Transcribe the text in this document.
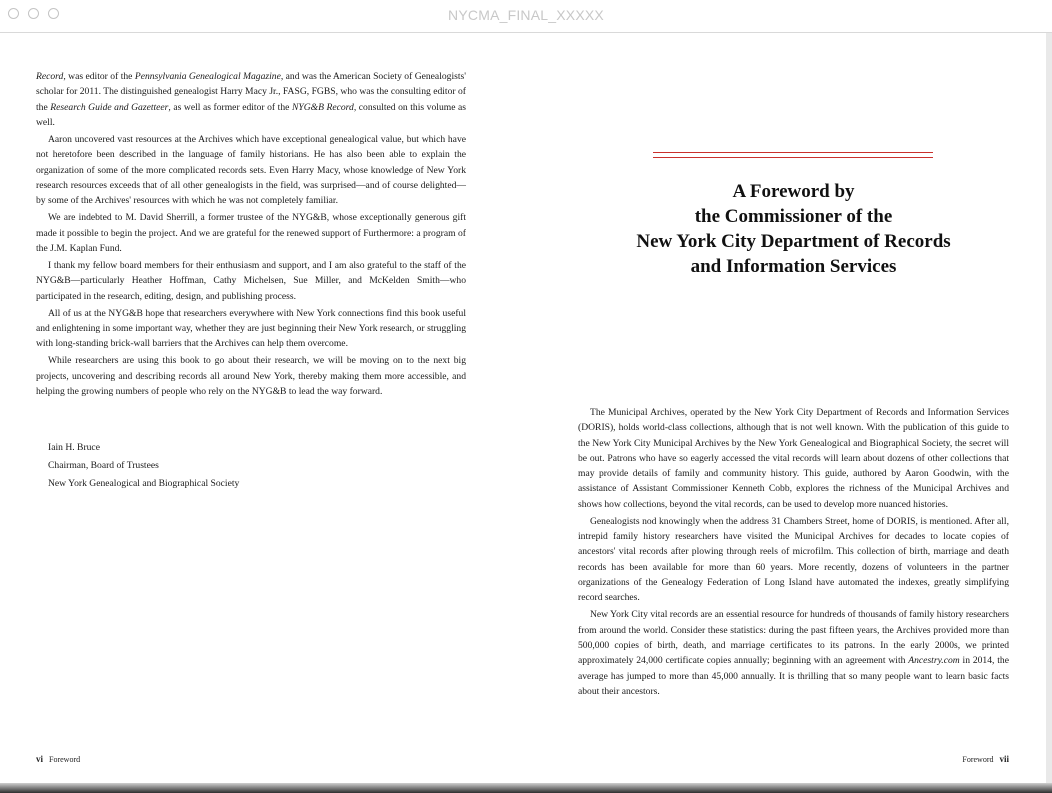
NYCMA_FINAL_XXXXX

Record, was editor of the Pennsylvania Genealogical Magazine, and was the American Society of Genealogists' scholar for 2011. The distinguished genealogist Harry Macy Jr., FASG, FGBS, who was the consulting editor of the Research Guide and Gazetteer, as well as former editor of the NYG&B Record, consulted on this volume as well.

Aaron uncovered vast resources at the Archives which have exceptional genealogical value, but which have not heretofore been described in the language of family historians. He has also been able to explain the organization of some of the more complicated records sets. Even Harry Macy, whose knowledge of New York research resources exceeds that of all other genealogists in the field, was surprised—and of course delighted—by some of the Archives' resources with which he was not completely familiar.

We are indebted to M. David Sherrill, a former trustee of the NYG&B, whose exceptionally generous gift made it possible to begin the project. And we are grateful for the renewed support of Furthermore: a program of the J.M. Kaplan Fund.

I thank my fellow board members for their enthusiasm and support, and I am also grateful to the staff of the NYG&B—particularly Heather Hoffman, Cathy Michelsen, Sue Miller, and McKelden Smith—who participated in the research, editing, design, and publishing process.

All of us at the NYG&B hope that researchers everywhere with New York connections find this book useful and enlightening in some important way, whether they are just beginning their New York research, or struggling with long-standing brick-wall barriers that the Archives can help them overcome.

While researchers are using this book to go about their research, we will be moving on to the next big projects, uncovering and describing records all around New York, thereby making them more accessible, and helping the growing numbers of people who rely on the NYG&B to lead the way forward.

Iain H. Bruce
Chairman, Board of Trustees
New York Genealogical and Biographical Society
vi Foreword
A Foreword by
the Commissioner of the
New York City Department of Records
and Information Services

The Municipal Archives, operated by the New York City Department of Records and Information Services (DORIS), holds world-class collections, although that is not well known. With the publication of this guide to the New York City Municipal Archives by the New York Genealogical and Biographical Society, the secret will be out. Patrons who have so eagerly accessed the vital records will learn about dozens of other collections that may provide details of family and community history. This guide, authored by Aaron Goodwin, with the assistance of Assistant Commissioner Kenneth Cobb, explores the richness of the Municipal Archives and shows how collections, beyond the vital records, can be used to develop more nuanced histories.

Genealogists nod knowingly when the address 31 Chambers Street, home of DORIS, is mentioned. After all, intrepid family history researchers have visited the Municipal Archives for decades to locate copies of ancestors' vital records after plowing through reels of microfilm. This collection of birth, marriage and death records has been available for more than 60 years. More recently, dozens of volunteers in the partner organizations of the Genealogy Federation of Long Island have automated the indexes, greatly simplifying record searches.

New York City vital records are an essential resource for hundreds of thousands of family history researchers from around the world. Consider these statistics: during the past fifteen years, the Archives provided more than 500,000 copies of birth, death, and marriage certificates to its patrons. In the early 2000s, we printed approximately 24,000 certificate copies annually; beginning with an agreement with Ancestry.com in 2014, the average has jumped to more than 45,000 annually. It is thrilling that so many people want to learn basic facts about their ancestors.

Foreword vii
